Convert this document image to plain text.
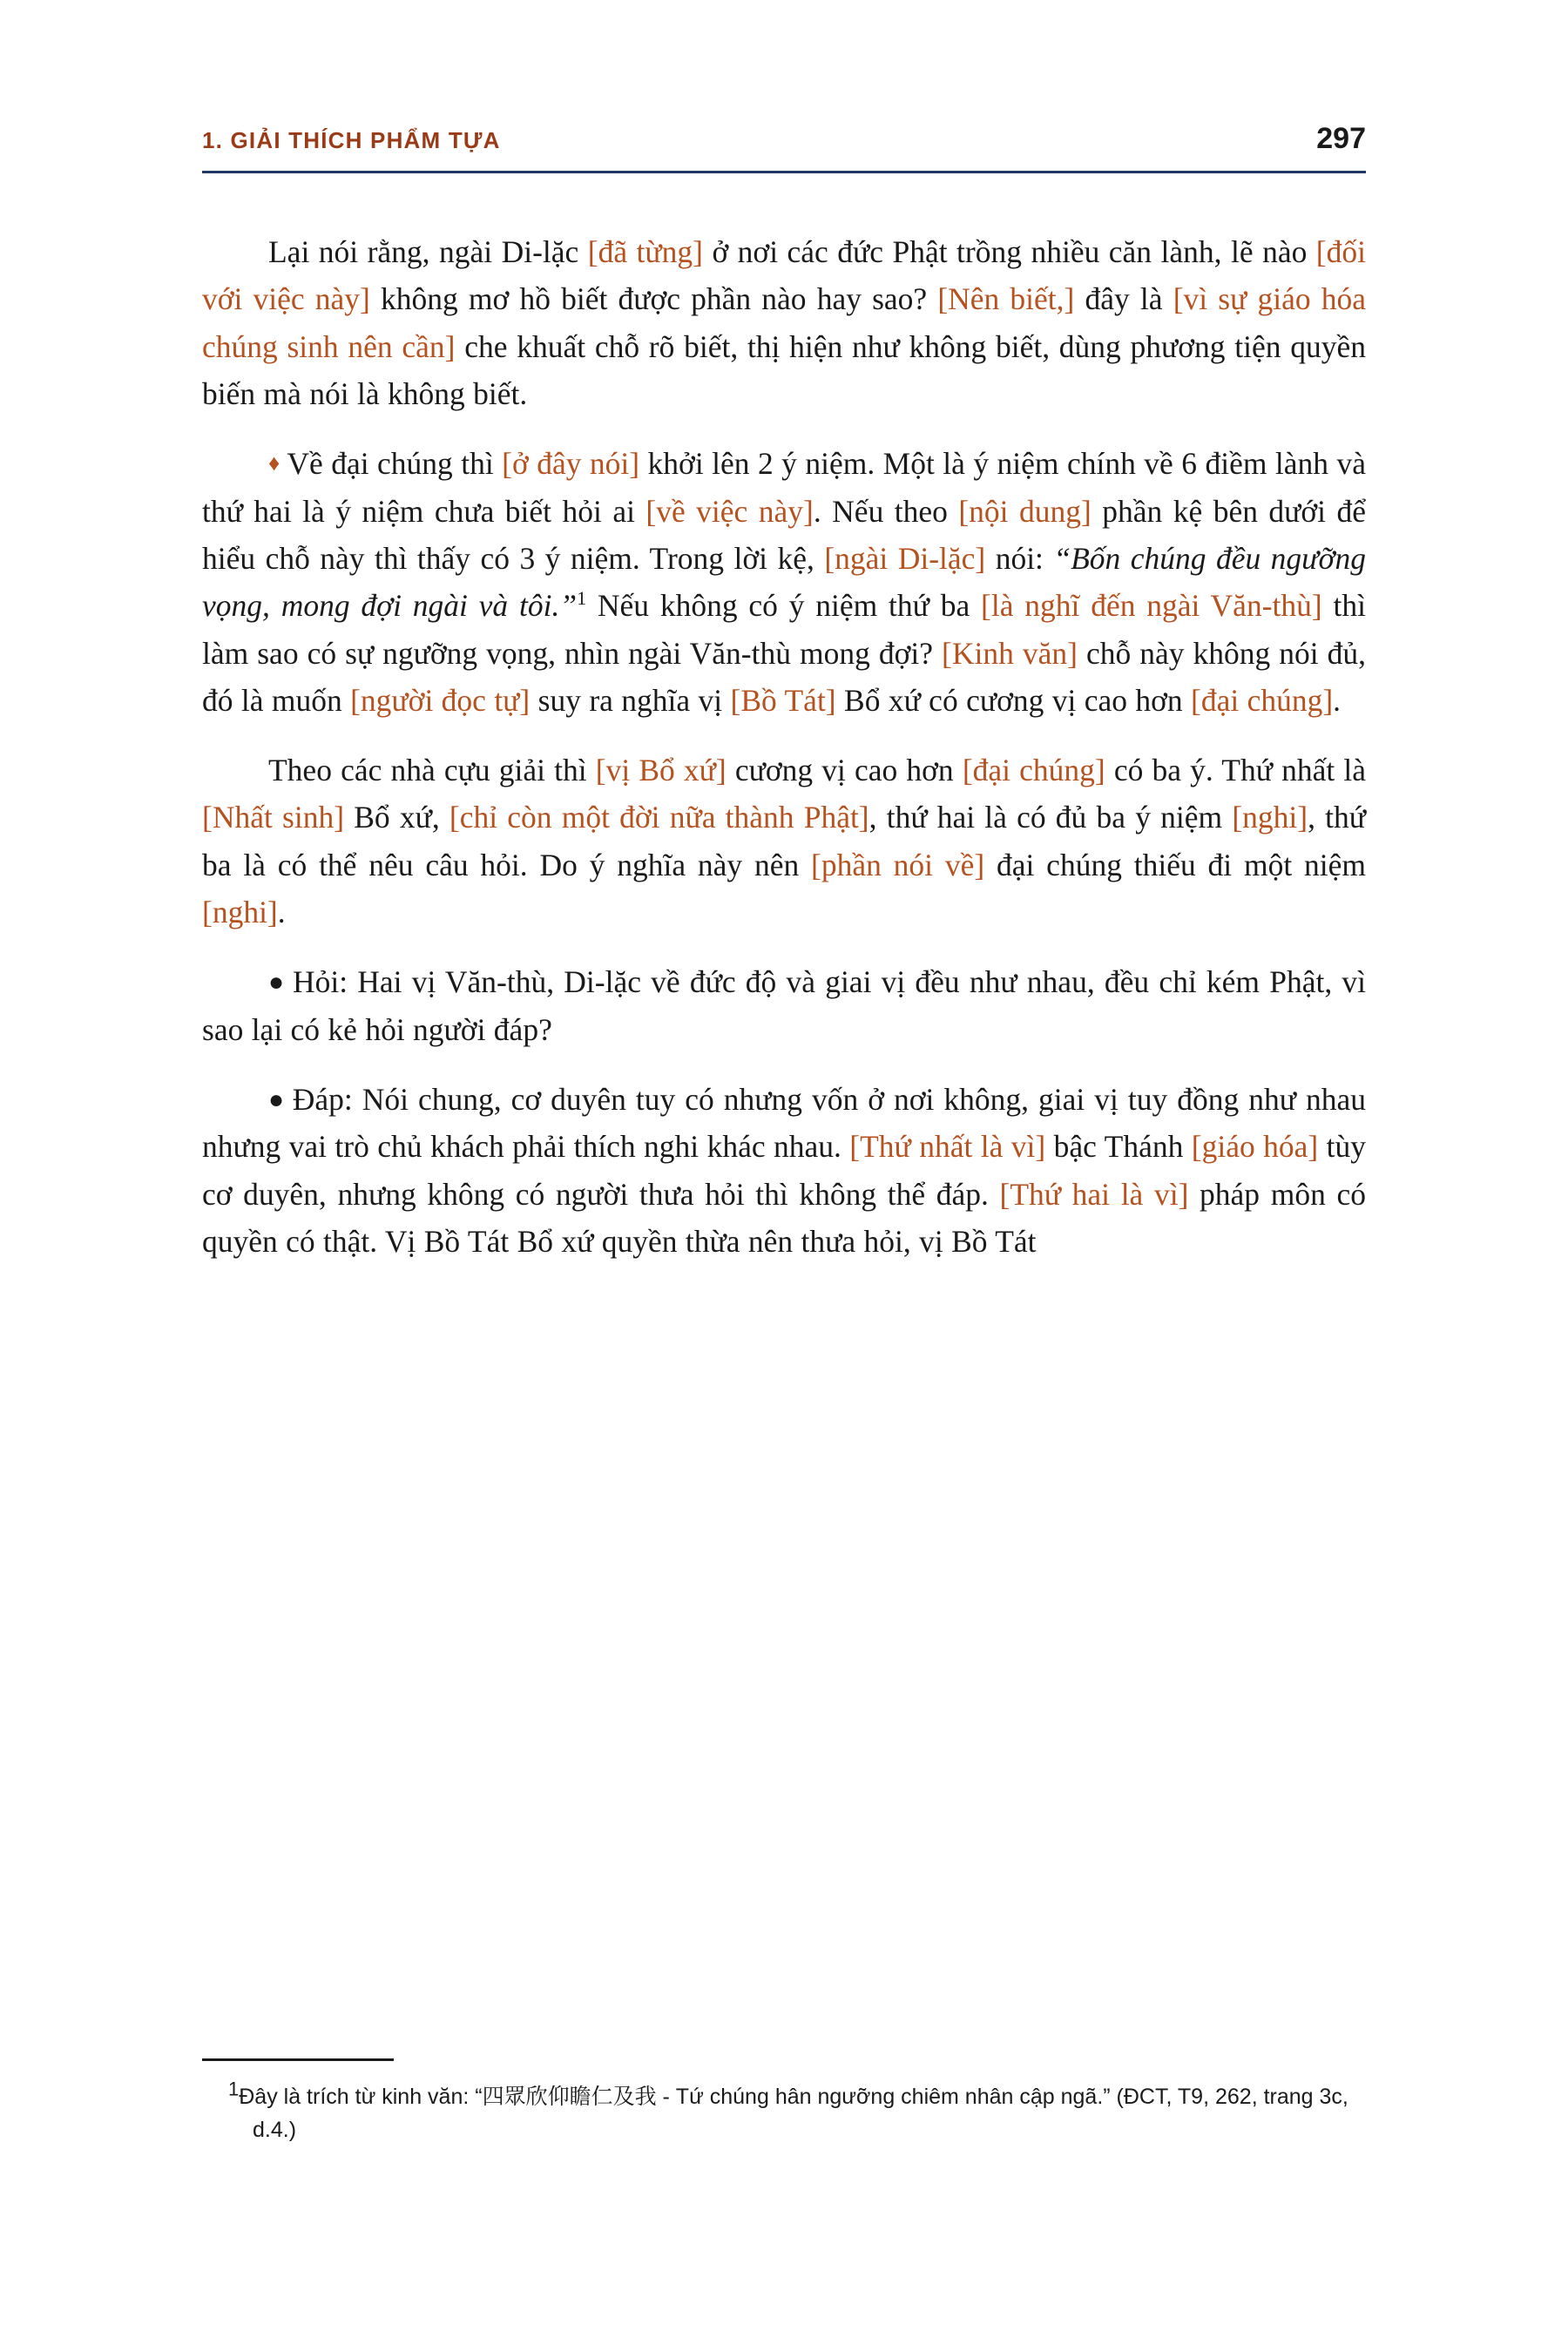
1. GIẢI THÍCH PHẨM TỰA	297

Lại nói rằng, ngài Di-lặc [đã từng] ở nơi các đức Phật trồng nhiều căn lành, lẽ nào [đối với việc này] không mơ hồ biết được phần nào hay sao? [Nên biết,] đây là [vì sự giáo hóa chúng sinh nên cần] che khuất chỗ rõ biết, thị hiện như không biết, dùng phương tiện quyền biến mà nói là không biết.

♦ Về đại chúng thì [ở đây nói] khởi lên 2 ý niệm. Một là ý niệm chính về 6 điềm lành và thứ hai là ý niệm chưa biết hỏi ai [về việc này]. Nếu theo [nội dung] phần kệ bên dưới để hiểu chỗ này thì thấy có 3 ý niệm. Trong lời kệ, [ngài Di-lặc] nói: “Bốn chúng đều ngưỡng vọng, mong đợi ngài và tôi.”$^1$ Nếu không có ý niệm thứ ba [là nghĩ đến ngài Văn-thù] thì làm sao có sự ngưỡng vọng, nhìn ngài Văn-thù mong đợi? [Kinh văn] chỗ này không nói đủ, đó là muốn [người đọc tự] suy ra nghĩa vị [Bồ Tát] Bổ xứ có cương vị cao hơn [đại chúng].

Theo các nhà cựu giải thì [vị Bổ xứ] cương vị cao hơn [đại chúng] có ba ý. Thứ nhất là [Nhất sinh] Bổ xứ, [chỉ còn một đời nữa thành Phật], thứ hai là có đủ ba ý niệm [nghi], thứ ba là có thể nêu câu hỏi. Do ý nghĩa này nên [phần nói về] đại chúng thiếu đi một niệm [nghi].

● Hỏi: Hai vị Văn-thù, Di-lặc về đức độ và giai vị đều như nhau, đều chỉ kém Phật, vì sao lại có kẻ hỏi người đáp?

● Đáp: Nói chung, cơ duyên tuy có nhưng vốn ở nơi không, giai vị tuy đồng như nhau nhưng vai trò chủ khách phải thích nghi khác nhau. [Thứ nhất là vì] bậc Thánh [giáo hóa] tùy cơ duyên, nhưng không có người thưa hỏi thì không thể đáp. [Thứ hai là vì] pháp môn có quyền có thật. Vị Bồ Tát Bổ xứ quyền thừa nên thưa hỏi, vị Bồ Tát

$^1$Đây là trích từ kinh văn: “四眾欣仰瞻仁及我 - Tứ chúng hân ngưỡng chiêm nhân cập ngã.” (ĐCT, T9, 262, trang 3c, d.4.)
